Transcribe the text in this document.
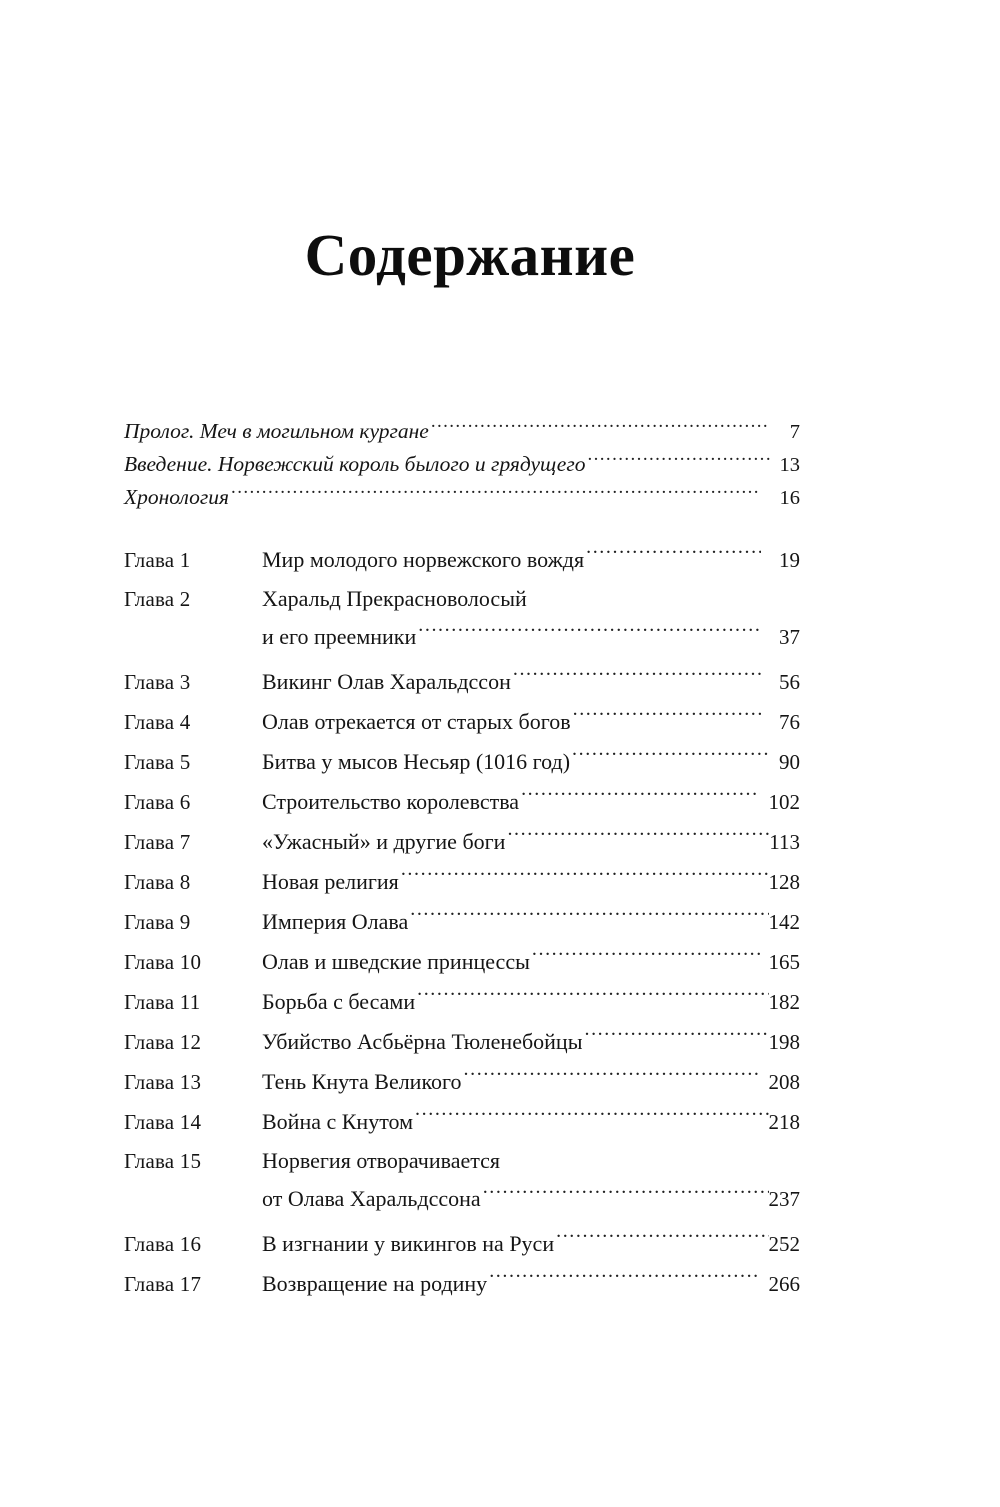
Содержание
Пролог. Меч в могильном кургане .....	7
Введение. Норвежский король былого и грядущего .....	13
Хронология .....	16
Глава 1	Мир молодого норвежского вождя .....	19
Глава 2	Харальд Прекрасноволосый
и его преемники .....	37
Глава 3	Викинг Олав Харальдссон .....	56
Глава 4	Олав отрекается от старых богов .....	76
Глава 5	Битва у мысов Несьяр (1016 год) .....	90
Глава 6	Строительство королевства .....	102
Глава 7	«Ужасный» и другие боги .....	113
Глава 8	Новая религия .....	128
Глава 9	Империя Олава .....	142
Глава 10	Олав и шведские принцессы .....	165
Глава 11	Борьба с бесами .....	182
Глава 12	Убийство Асбьёрна Тюленебойцы .....	198
Глава 13	Тень Кнута Великого .....	208
Глава 14	Война с Кнутом .....	218
Глава 15	Норвегия отворачивается
от Олава Харальдссона .....	237
Глава 16	В изгнании у викингов на Руси .....	252
Глава 17	Возвращение на родину .....	266
